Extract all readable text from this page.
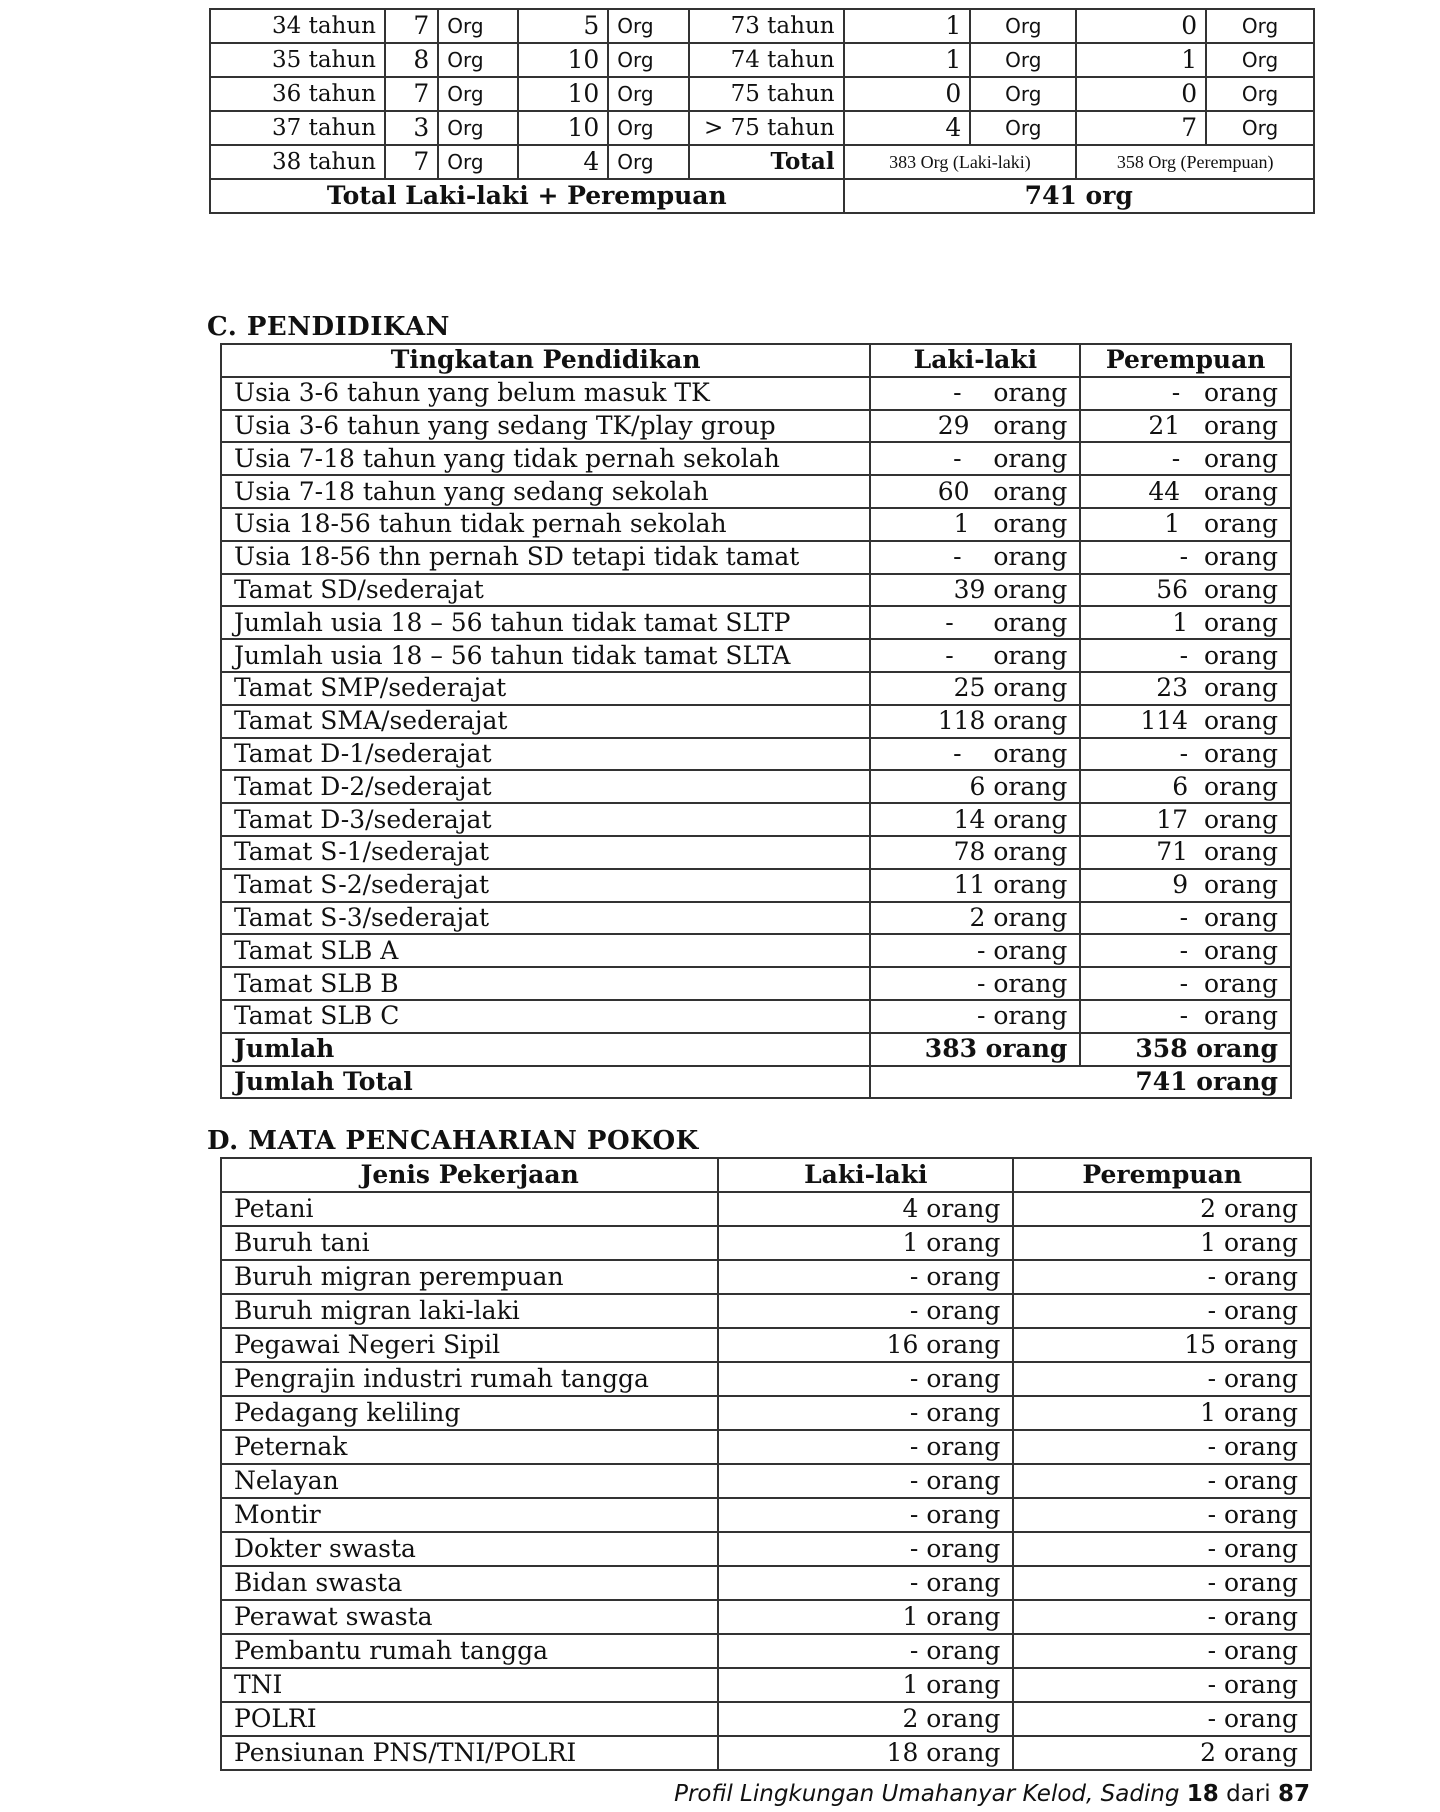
34 tahun	7	Org	5	Org	73 tahun	1	Org	0	Org
35 tahun	8	Org	10	Org	74 tahun	1	Org	1	Org
36 tahun	7	Org	10	Org	75 tahun	0	Org	0	Org
37 tahun	3	Org	10	Org	> 75 tahun	4	Org	7	Org
38 tahun	7	Org	4	Org	Total	383 Org (Laki-laki)		358 Org (Perempuan)	
Total Laki-laki + Perempuan						741 org			
C. PENDIDIKAN
Tingkatan Pendidikan	Laki-laki	Perempuan
Usia 3-6 tahun yang belum masuk TK	-    orang	-   orang
Usia 3-6 tahun yang sedang TK/play group	29   orang	21   orang
Usia 7-18 tahun yang tidak pernah sekolah	-    orang	-   orang
Usia 7-18 tahun yang sedang sekolah	60   orang	44   orang
Usia 18-56 tahun tidak pernah sekolah	1   orang	1   orang
Usia 18-56 thn pernah SD tetapi tidak tamat	-    orang	-  orang
Tamat SD/sederajat	39 orang	56  orang
Jumlah usia 18 – 56 tahun tidak tamat SLTP	-     orang	1  orang
Jumlah usia 18 – 56 tahun tidak tamat SLTA	-     orang	-  orang
Tamat SMP/sederajat	25 orang	23  orang
Tamat SMA/sederajat	118 orang	114  orang
Tamat D-1/sederajat	-    orang	-  orang
Tamat D-2/sederajat	6 orang	6  orang
Tamat D-3/sederajat	14 orang	17  orang
Tamat S-1/sederajat	78 orang	71  orang
Tamat S-2/sederajat	11 orang	9  orang
Tamat S-3/sederajat	2 orang	-  orang
Tamat SLB A	- orang	-  orang
Tamat SLB B	- orang	-  orang
Tamat SLB C	- orang	-  orang
Jumlah	383 orang	358 orang
Jumlah Total	741 orang	
D. MATA PENCAHARIAN POKOK
Jenis Pekerjaan	Laki-laki	Perempuan
Petani	4 orang	2 orang
Buruh tani	1 orang	1 orang
Buruh migran perempuan	- orang	- orang
Buruh migran laki-laki	- orang	- orang
Pegawai Negeri Sipil	16 orang	15 orang
Pengrajin industri rumah tangga	- orang	- orang
Pedagang keliling	- orang	1 orang
Peternak	- orang	- orang
Nelayan	- orang	- orang
Montir	- orang	- orang
Dokter swasta	- orang	- orang
Bidan swasta	- orang	- orang
Perawat swasta	1 orang	- orang
Pembantu rumah tangga	- orang	- orang
TNI	1 orang	- orang
POLRI	2 orang	- orang
Pensiunan PNS/TNI/POLRI	18 orang	2 orang
Profil Lingkungan Umahanyar Kelod, Sading 18 dari 87
